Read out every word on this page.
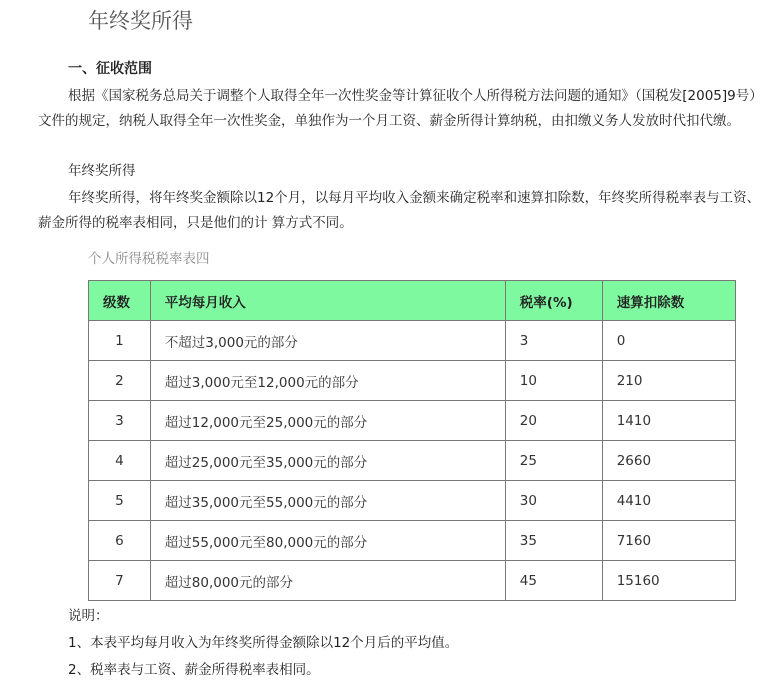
年终奖所得
一、征收范围

根据《国家税务总局关于调整个人取得全年一次性奖金等计算征收个人所得税方法问题的通知》（国税发[2005]9号）文件的规定，纳税人取得全年一次性奖金，单独作为一个月工资、薪金所得计算纳税，由扣缴义务人发放时代扣代缴。

年终奖所得

年终奖所得，将年终奖金额除以12个月，以每月平均收入金额来确定税率和速算扣除数，年终奖所得税率表与工资、薪金所得的税率表相同，只是他们的计 算方式不同。

个人所得税税率表四
级数	平均每月收入	税率(%)	速算扣除数
1	不超过3,000元的部分	3	0
2	超过3,000元至12,000元的部分	10	210
3	超过12,000元至25,000元的部分	20	1410
4	超过25,000元至35,000元的部分	25	2660
5	超过35,000元至55,000元的部分	30	4410
6	超过55,000元至80,000元的部分	35	7160
7	超过80,000元的部分	45	15160

说明：

1、本表平均每月收入为年终奖所得金额除以12个月后的平均值。

2、税率表与工资、薪金所得税率表相同。
